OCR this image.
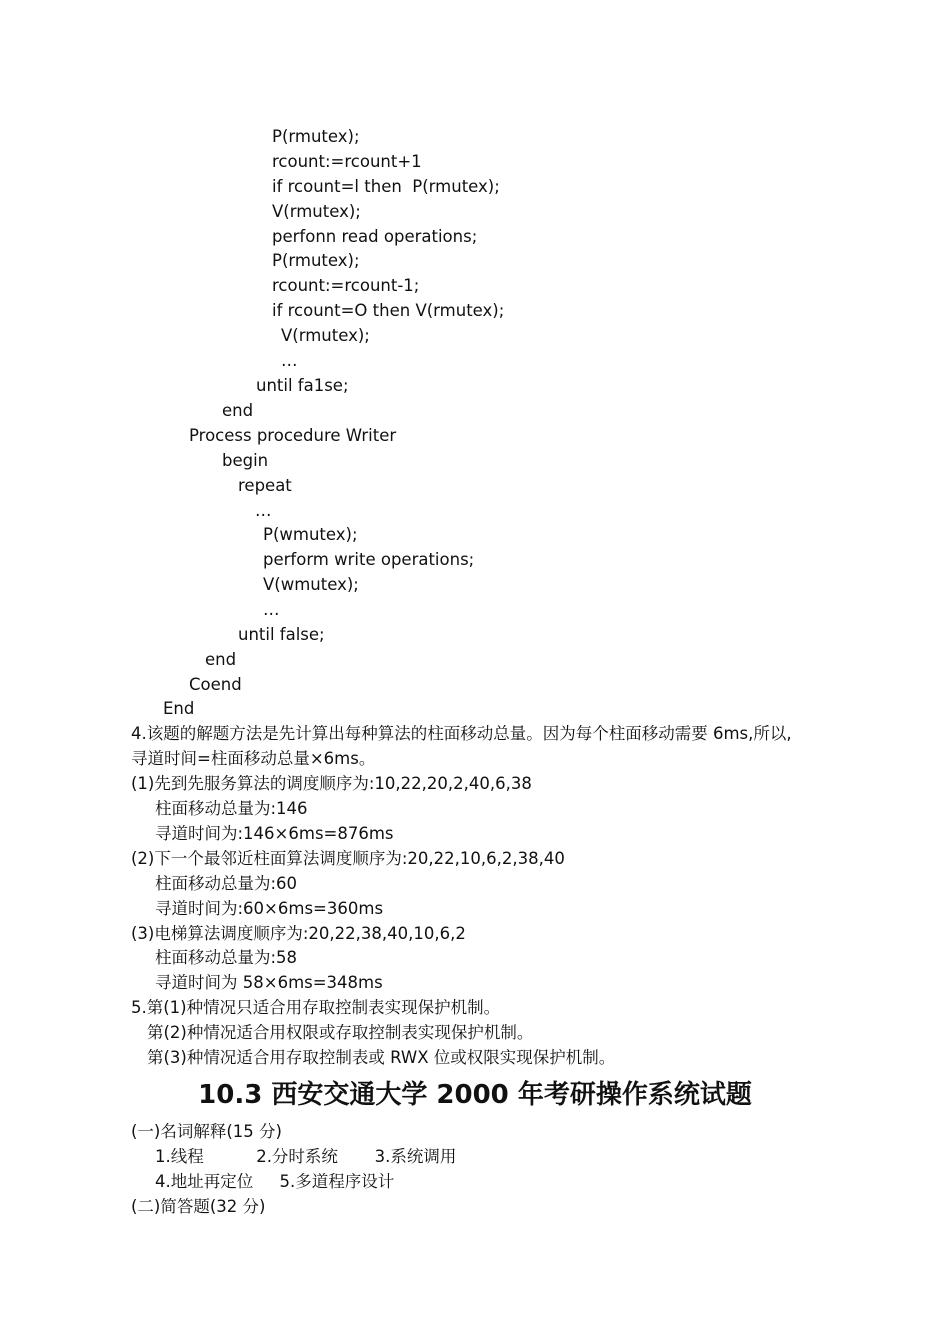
P(rmutex);
rcount:=rcount+1
if rcount=l then  P(rmutex);
V(rmutex);
perfonn read operations;
P(rmutex);
rcount:=rcount-1;
if rcount=O then V(rmutex);
V(rmutex);
…
until fa1se;
end
Process procedure Writer
begin
repeat
…
P(wmutex);
perform write operations;
V(wmutex);
…
until false;
end
Coend
End
4.该题的解题方法是先计算出每种算法的柱面移动总量。因为每个柱面移动需要 6ms,所以,
寻道时间=柱面移动总量×6ms。
(1)先到先服务算法的调度顺序为:10,22,20,2,40,6,38
柱面移动总量为:146
寻道时间为:146×6ms=876ms
(2)下一个最邻近柱面算法调度顺序为:20,22,10,6,2,38,40
柱面移动总量为:60
寻道时间为:60×6ms=360ms
(3)电梯算法调度顺序为:20,22,38,40,10,6,2
柱面移动总量为:58
寻道时间为 58×6ms=348ms
5.第(1)种情况只适合用存取控制表实现保护机制。
第(2)种情况适合用权限或存取控制表实现保护机制。
第(3)种情况适合用存取控制表或 RWX 位或权限实现保护机制。
10.3 西安交通大学 2000 年考研操作系统试题
(一)名词解释(15 分)
1.线程          2.分时系统       3.系统调用
4.地址再定位     5.多道程序设计
(二)简答题(32 分)
